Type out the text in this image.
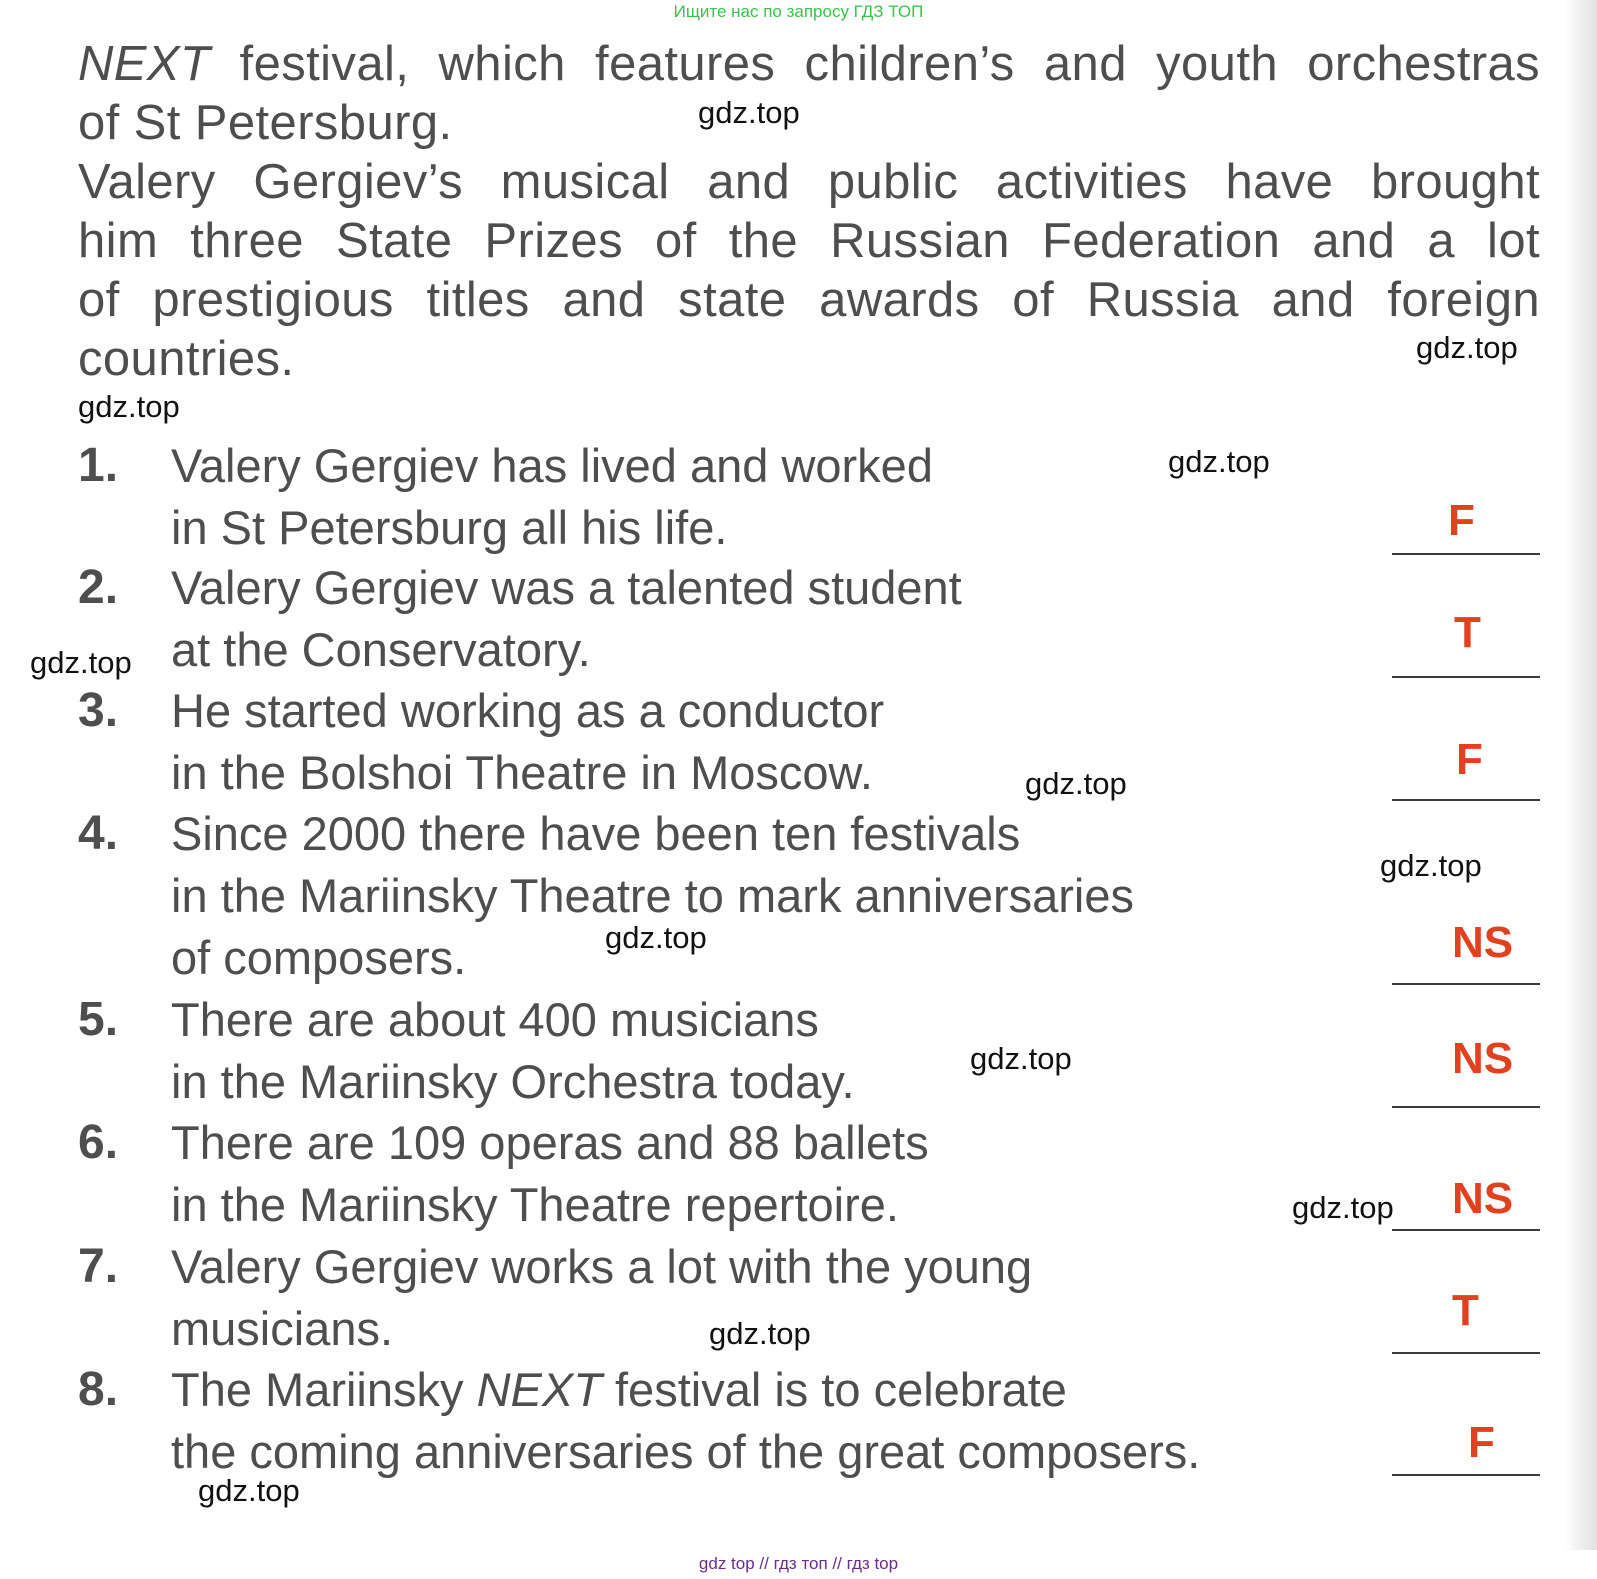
Ищите нас по запросу ГДЗ ТОП
NEXT festival, which features children’s and youth orchestras
of St Petersburg.
Valery Gergiev’s musical and public activities have brought
him three State Prizes of the Russian Federation and a lot
of prestigious titles and state awards of Russia and foreign
countries.
1. Valery Gergiev has lived and worked
in St Petersburg all his life.	F
2. Valery Gergiev was a talented student
at the Conservatory.	T
3. He started working as a conductor
in the Bolshoi Theatre in Moscow.	F
4. Since 2000 there have been ten festivals
in the Mariinsky Theatre to mark anniversaries
of composers.	NS
5. There are about 400 musicians
in the Mariinsky Orchestra today.	NS
6. There are 109 operas and 88 ballets
in the Mariinsky Theatre repertoire.	NS
7. Valery Gergiev works a lot with the young
musicians.	T
8. The Mariinsky NEXT festival is to celebrate
the coming anniversaries of the great composers.	F
gdz.top
gdz.top
gdz.top
gdz.top
gdz.top
gdz.top
gdz.top
gdz.top
gdz.top
gdz.top
gdz.top
gdz.top
gdz top // гдз топ // гдз top
